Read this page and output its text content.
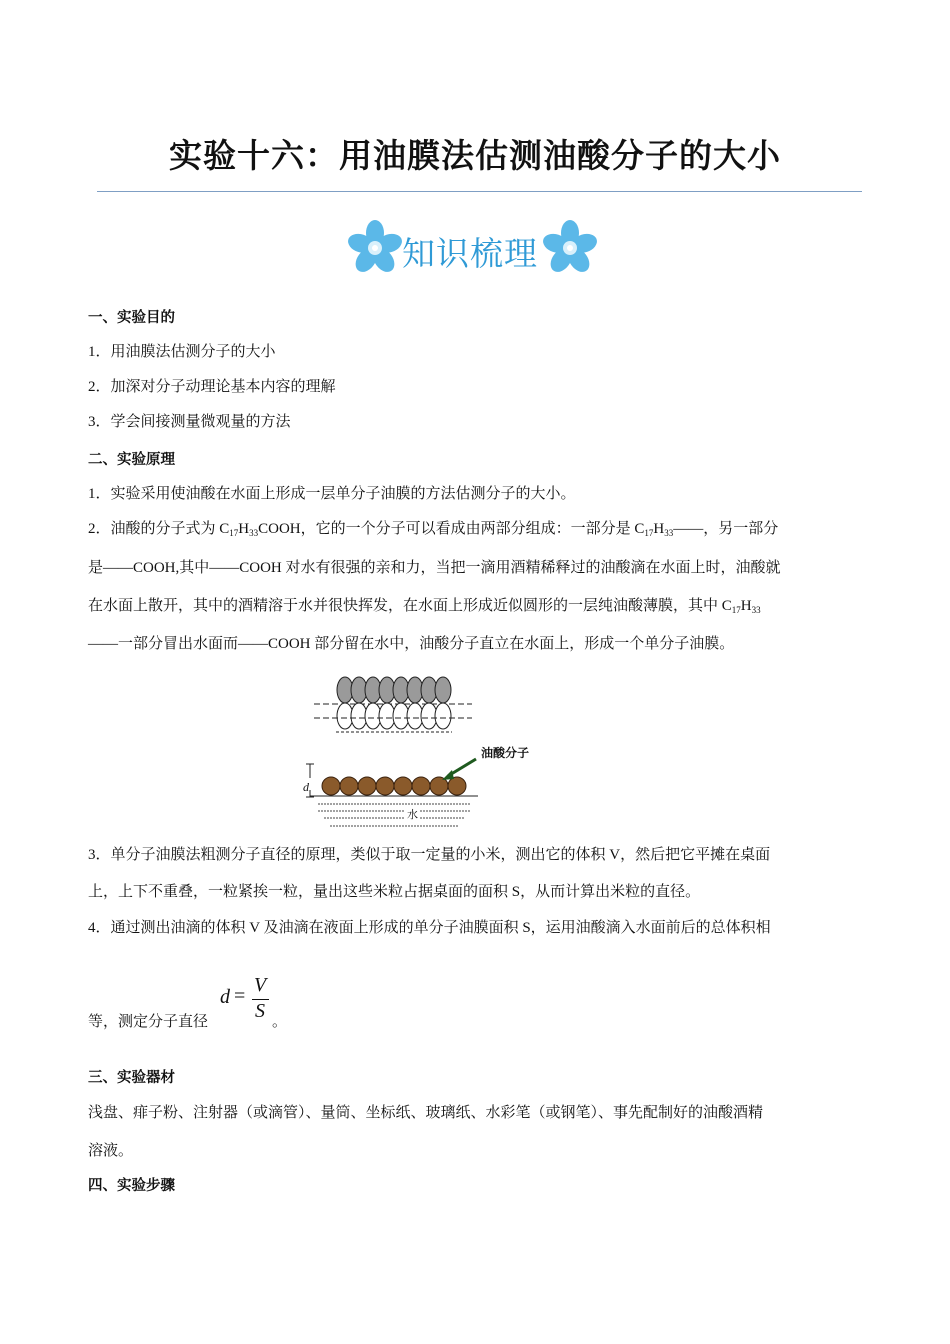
实验十六：用油膜法估测油酸分子的大小
知识梳理
一、实验目的
1．用油膜法估测分子的大小
2．加深对分子动理论基本内容的理解
3．学会间接测量微观量的方法
二、实验原理
1．实验采用使油酸在水面上形成一层单分子油膜的方法估测分子的大小。
2．油酸的分子式为 $C_{17}H_{33}COOH$，它的一个分子可以看成由两部分组成：一部分是 $C_{17}H_{33}——$，另一部分
是——COOH,其中——COOH 对水有很强的亲和力，当把一滴用酒精稀释过的油酸滴在水面上时，油酸就
在水面上散开，其中的酒精溶于水并很快挥发，在水面上形成近似圆形的一层纯油酸薄膜，其中 $C_{17}H_{33}$
——一部分冒出水面而——COOH 部分留在水中，油酸分子直立在水面上，形成一个单分子油膜。
油酸分子
d
水
3．单分子油膜法粗测分子直径的原理，类似于取一定量的小米，测出它的体积 V，然后把它平摊在桌面
上，上下不重叠，一粒紧挨一粒，量出这些米粒占据桌面的面积 S，从而计算出米粒的直径。
4．通过测出油滴的体积 V 及油滴在液面上形成的单分子油膜面积 S，运用油酸滴入水面前后的总体积相
等，测定分子直径
d = V
S 。
三、实验器材
浅盘、痱子粉、注射器（或滴管）、量筒、坐标纸、玻璃纸、水彩笔（或钢笔）、事先配制好的油酸酒精
溶液。
四、实验步骤
